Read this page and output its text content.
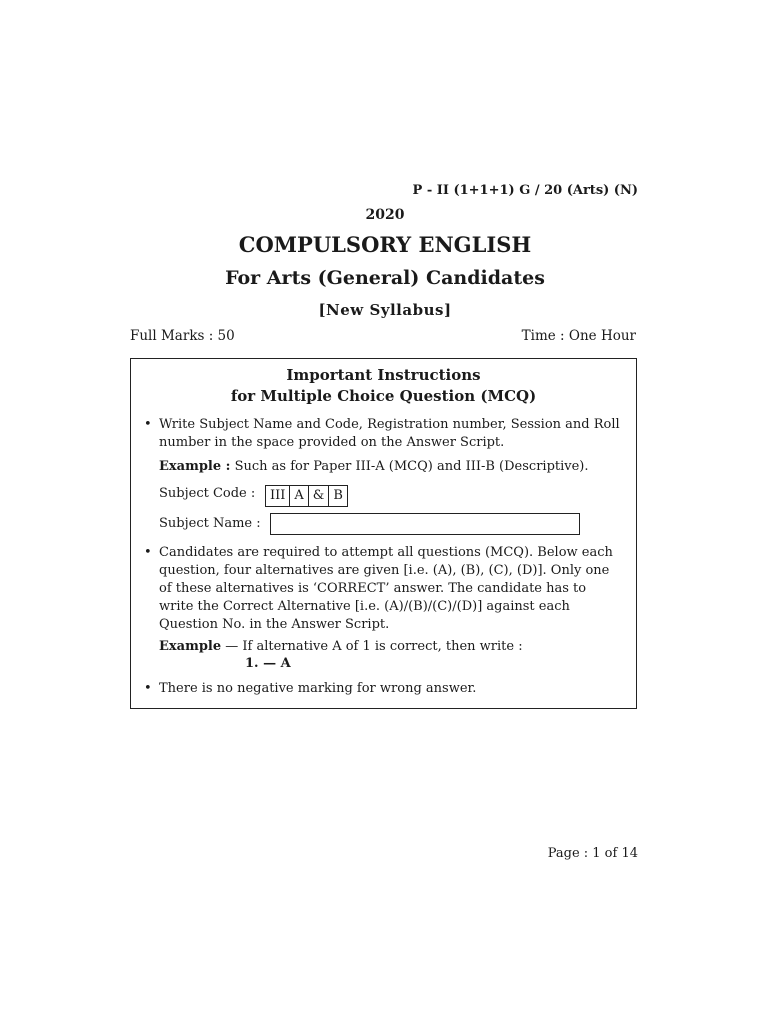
P - II (1+1+1) G / 20 (Arts) (N)
2020
COMPULSORY ENGLISH
For Arts (General) Candidates
[New Syllabus]
Full Marks : 50	Time : One Hour
Important Instructions
for Multiple Choice Question (MCQ)
• Write Subject Name and Code, Registration number, Session and Roll number in the space provided on the Answer Script.
Example : Such as for Paper III-A (MCQ) and III-B (Descriptive).
Subject Code :	III A & B
Subject Name :
• Candidates are required to attempt all questions (MCQ). Below each question, four alternatives are given [i.e. (A), (B), (C), (D)]. Only one of these alternatives is ‘CORRECT’ answer. The candidate has to write the Correct Alternative [i.e. (A)/(B)/(C)/(D)] against each Question No. in the Answer Script.
Example — If alternative A of 1 is correct, then write :
1. — A
• There is no negative marking for wrong answer.
Page : 1 of 14
